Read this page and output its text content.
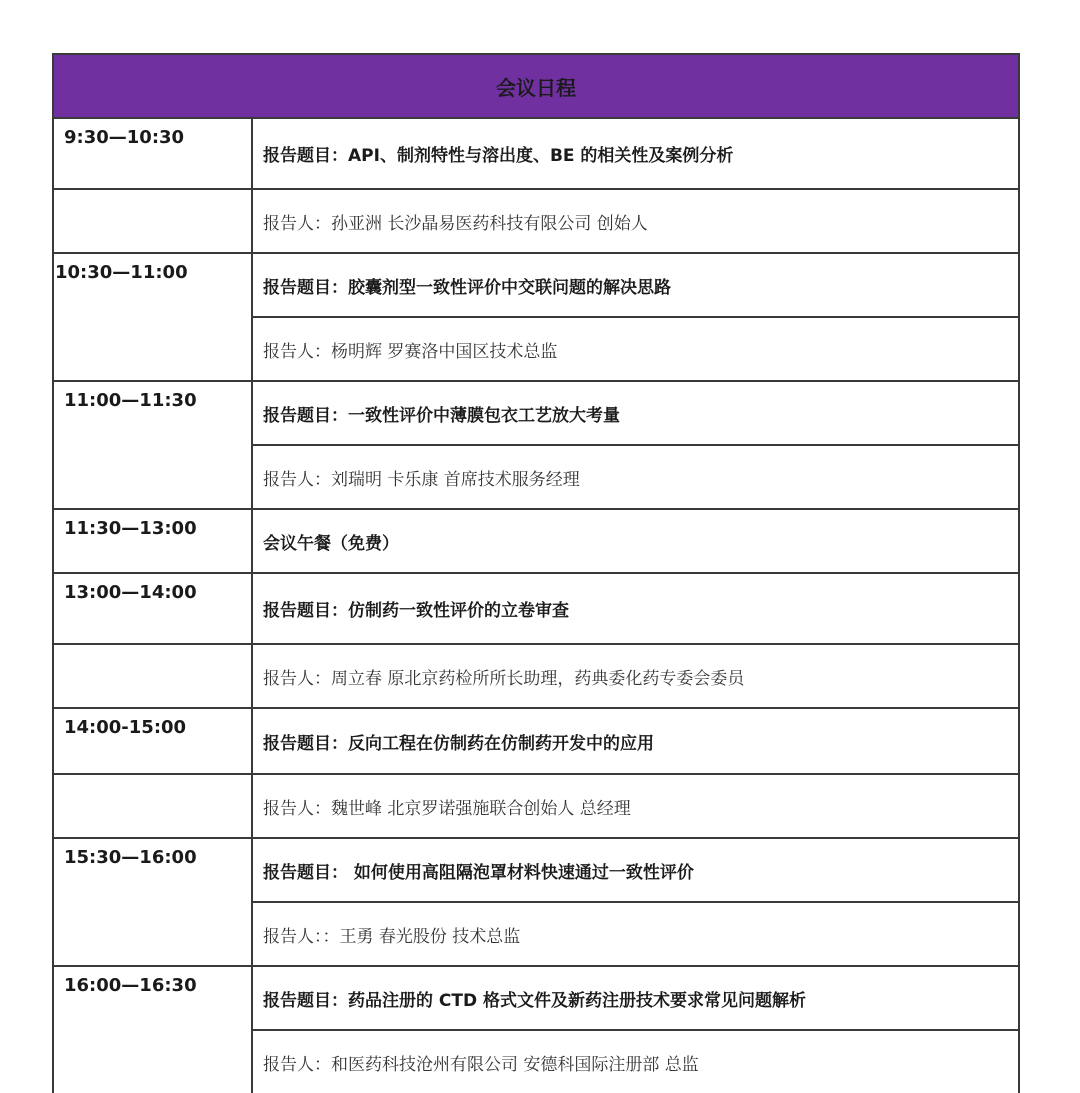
会议日程
9:30—10:30
报告题目：API、制剂特性与溶出度、BE 的相关性及案例分析
报告人：孙亚洲 长沙晶易医药科技有限公司 创始人
10:30—11:00
报告题目：胶囊剂型一致性评价中交联问题的解决思路
报告人：杨明辉 罗赛洛中国区技术总监
11:00—11:30
报告题目：一致性评价中薄膜包衣工艺放大考量
报告人：刘瑞明 卡乐康 首席技术服务经理
11:30—13:00
会议午餐（免费）
13:00—14:00
报告题目：仿制药一致性评价的立卷审查
报告人：周立春 原北京药检所所长助理，药典委化药专委会委员
14:00-15:00
报告题目：反向工程在仿制药在仿制药开发中的应用
报告人：魏世峰 北京罗诺强施联合创始人 总经理
15:30—16:00
报告题目： 如何使用高阻隔泡罩材料快速通过一致性评价
报告人：：王勇 春光股份 技术总监
16:00—16:30
报告题目：药品注册的 CTD 格式文件及新药注册技术要求常见问题解析
报告人：和医药科技沧州有限公司 安德科国际注册部 总监
